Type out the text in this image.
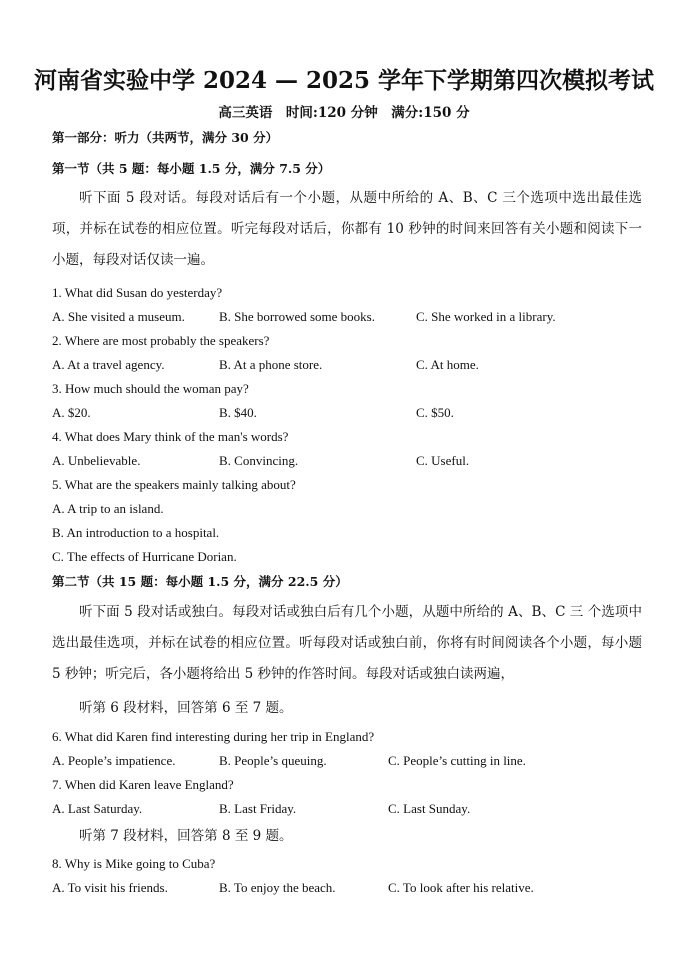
河南省实验中学 2024 — 2025 学年下学期第四次模拟考试
高三英语　时间:120 分钟　满分:150 分
第一部分：听力（共两节，满分 30 分）
第一节（共 5 题：每小题 1.5 分，满分 7.5 分）
听下面 5 段对话。每段对话后有一个小题，从题中所给的 A、B、C 三个选项中选出最佳选项，并标在试卷的相应位置。听完每段对话后，你都有 10 秒钟的时间来回答有关小题和阅读下一小题，每段对话仅读一遍。
1. What did Susan do yesterday?
A. She visited a museum.	B. She borrowed some books.	C. She worked in a library.
2. Where are most probably the speakers?
A. At a travel agency.	B. At a phone store.	C. At home.
3. How much should the woman pay?
A. $20.	B. $40.	C. $50.
4. What does Mary think of the man's words?
A. Unbelievable.	B. Convincing.	C. Useful.
5. What are the speakers mainly talking about?
A. A trip to an island.
B. An introduction to a hospital.
C. The effects of Hurricane Dorian.
第二节（共 15 题：每小题 1.5 分，满分 22.5 分）
听下面 5 段对话或独白。每段对话或独白后有几个小题，从题中所给的 A、B、C 三 个选项中选出最佳选项，并标在试卷的相应位置。听每段对话或独白前，你将有时间阅读各个小题，每小题 5 秒钟；听完后，各小题将给出 5 秒钟的作答时间。每段对话或独白读两遍，
听第 6 段材料，回答第 6 至 7 题。
6. What did Karen find interesting during her trip in England?
A. People’s impatience.	B. People’s queuing.	C. People’s cutting in line.
7. When did Karen leave England?
A. Last Saturday.	B. Last Friday.	C. Last Sunday.
听第 7 段材料，回答第 8 至 9 题。
8. Why is Mike going to Cuba?
A. To visit his friends.	B. To enjoy the beach.	C. To look after his relative.
